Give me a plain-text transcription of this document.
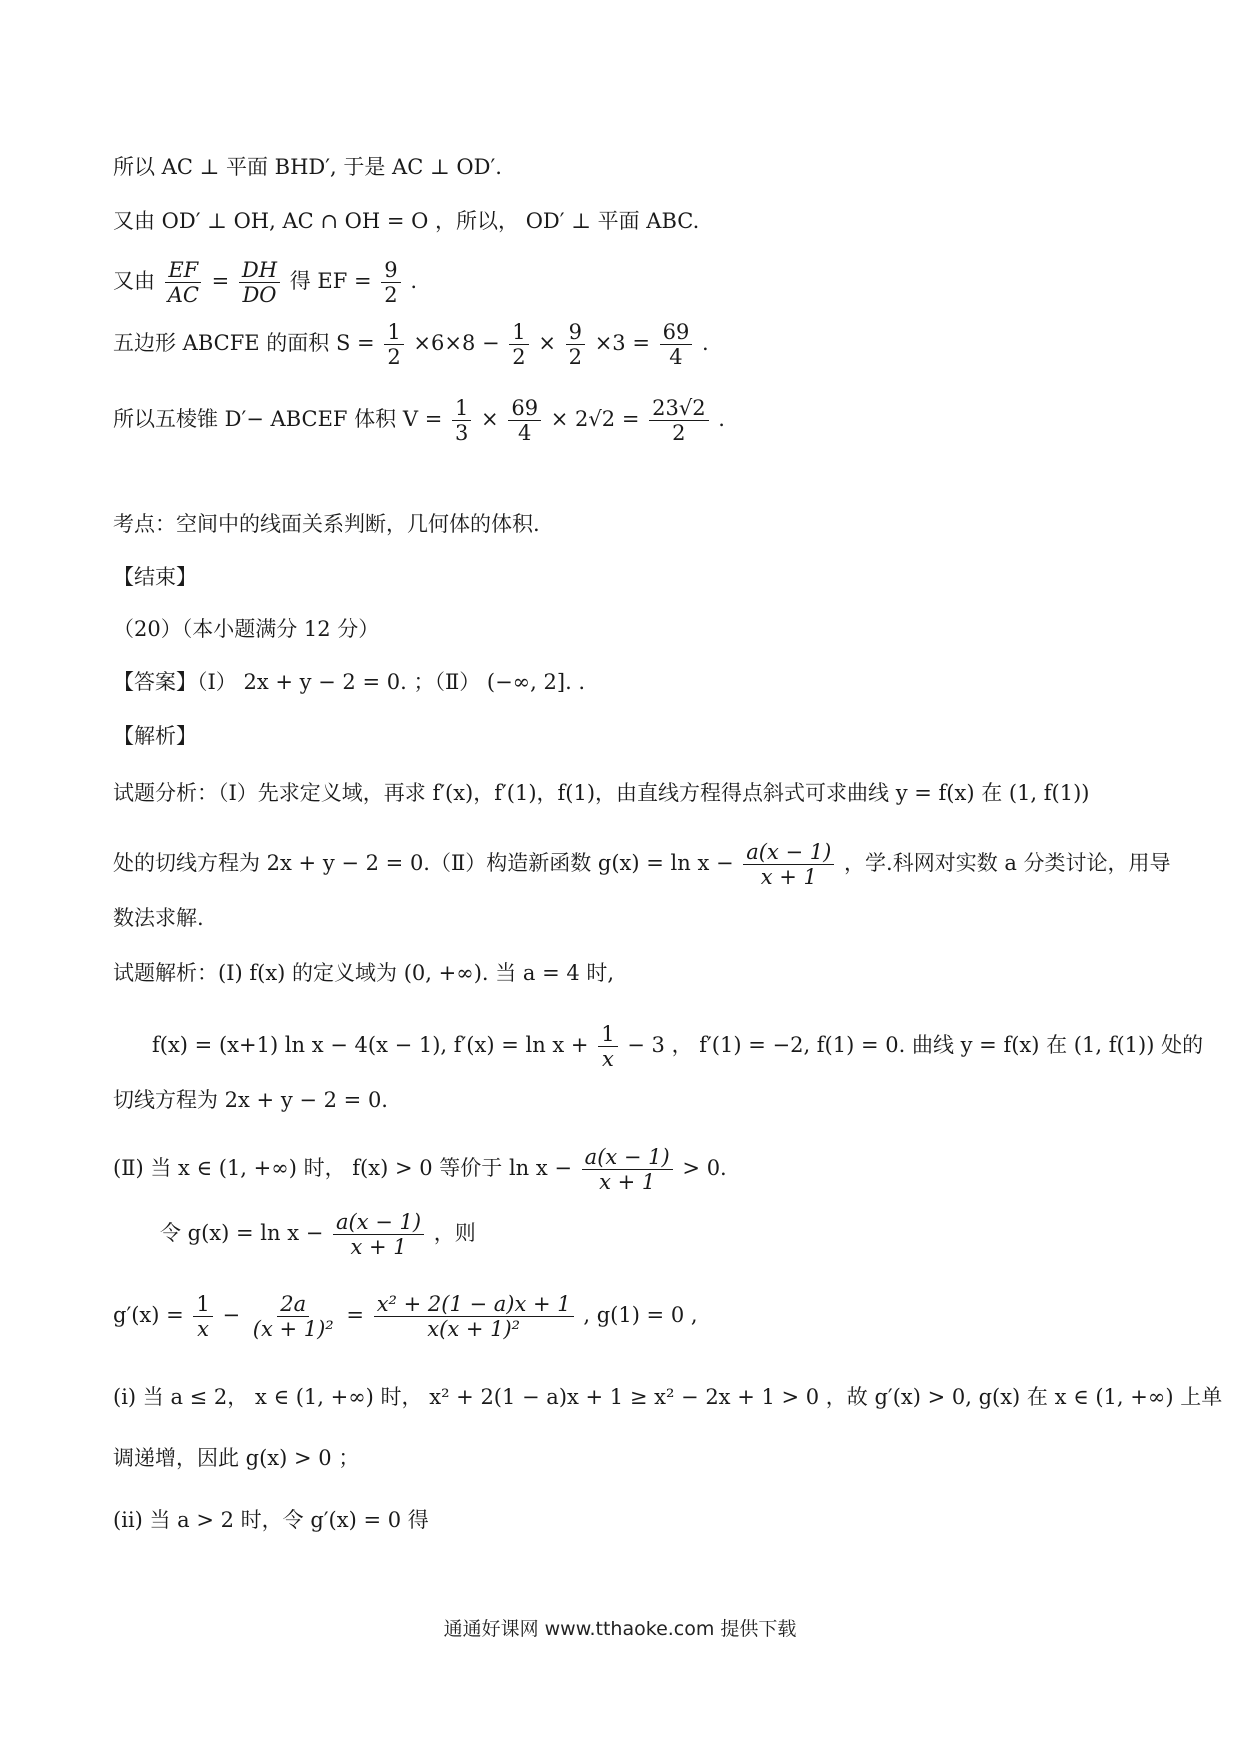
所以 AC ⊥ 平面 BHD′, 于是 AC ⊥ OD′.
又由 OD′ ⊥ OH, AC ∩ OH = O ，所以， OD′ ⊥ 平面 ABC.
又由 $\frac{EF}{AC} = \frac{DH}{DO}$ 得 EF = $\frac{9}{2}$ .
五边形 ABCFE 的面积 $S = \frac{1}{2} \times 6\times 8 - \frac{1}{2} \times \frac{9}{2} \times 3 = \frac{69}{4}$ .
所以五棱锥 D′− ABCEF 体积 $V = \frac{1}{3} \times \frac{69}{4} \times 2√2 = \frac{23√2}{2}$ .
考点：空间中的线面关系判断，几何体的体积.
【结束】
（20）（本小题满分 12 分）
【答案】（Ⅰ） 2x + y − 2 = 0. ；（Ⅱ） (−∞, 2]. .
【解析】
试题分析：（Ⅰ）先求定义域，再求 f′(x)，f′(1)，f(1)，由直线方程得点斜式可求曲线 y = f(x) 在 (1, f(1))
处的切线方程为 2x + y − 2 = 0.（Ⅱ）构造新函数 $g(x) = \ln x - \frac{a(x - 1)}{x + 1}$ ，学.科网对实数 a 分类讨论，用导
数法求解.
试题解析：(Ⅰ) f(x) 的定义域为 (0, +∞). 当 a = 4 时,
f(x) = (x+1) ln x − 4(x − 1), $f'(x) = \ln x + \frac{1}{x} - 3$ ， f′(1) = −2, f(1) = 0. 曲线 y = f(x) 在 (1, f(1)) 处的
切线方程为 2x + y − 2 = 0.
(Ⅱ) 当 x ∈ (1, +∞) 时， f(x) > 0 等价于 $\ln x - \frac{a(x - 1)}{x + 1} > 0$.
令 $g(x) = \ln x - \frac{a(x - 1)}{x + 1}$ ，则
$g'(x) = \frac{1}{x} - \frac{2a}{\text{(x + 1)²}} = \frac{\text{x² + 2(1 − a)x + 1}}{\text{x(x + 1)²}}$ , g(1) = 0 ,
(ⅰ) 当 a ≤ 2， x ∈ (1, +∞) 时， x² + 2(1 − a)x + 1 ≥ x² − 2x + 1 > 0 ，故 g′(x) > 0, g(x) 在 x ∈ (1, +∞) 上单
调递增，因此 g(x) > 0 ；
(ⅱ) 当 a > 2 时，令 g′(x) = 0 得
通通好课网 www.tthaoke.com 提供下载
